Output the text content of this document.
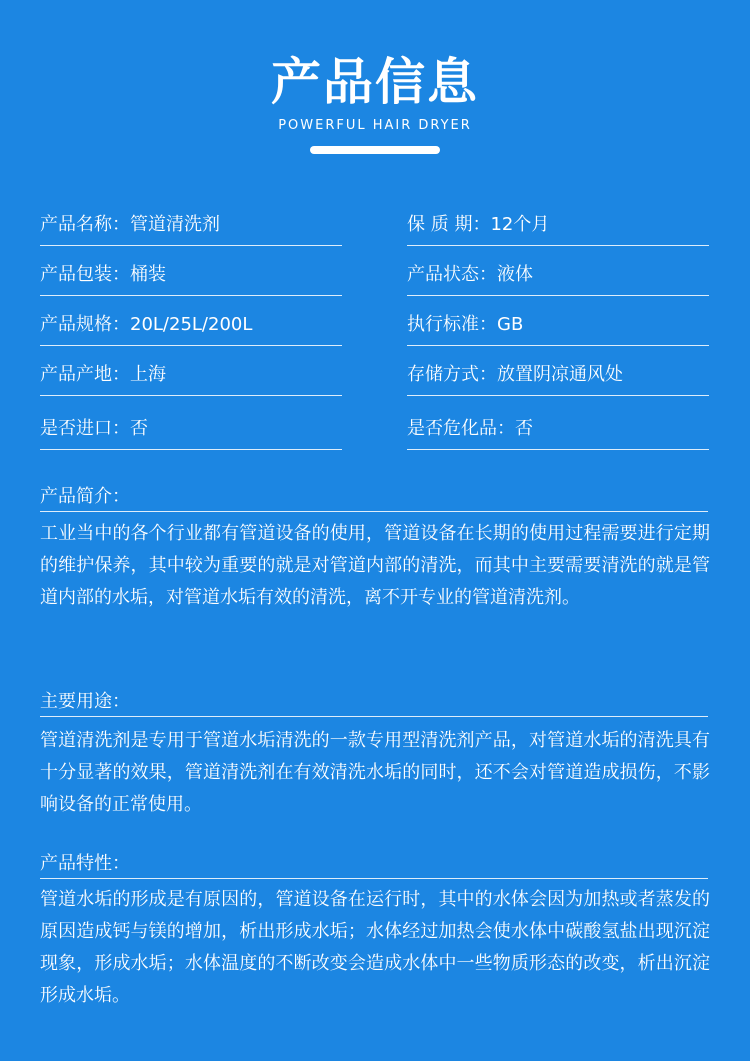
产品信息
POWERFUL HAIR DRYER
产品名称：管道清洗剂	保 质 期：12个月
产品包装：桶装	产品状态：液体
产品规格：20L/25L/200L	执行标准：GB
产品产地：上海	存储方式：放置阴凉通风处
是否进口：否	是否危化品：否
产品简介：
工业当中的各个行业都有管道设备的使用，管道设备在长期的使用过程需要进行定期的维护保养，其中较为重要的就是对管道内部的清洗，而其中主要需要清洗的就是管道内部的水垢，对管道水垢有效的清洗，离不开专业的管道清洗剂。
主要用途：
管道清洗剂是专用于管道水垢清洗的一款专用型清洗剂产品，对管道水垢的清洗具有十分显著的效果，管道清洗剂在有效清洗水垢的同时，还不会对管道造成损伤，不影响设备的正常使用。
产品特性：
管道水垢的形成是有原因的，管道设备在运行时，其中的水体会因为加热或者蒸发的原因造成钙与镁的增加，析出形成水垢；水体经过加热会使水体中碳酸氢盐出现沉淀现象，形成水垢；水体温度的不断改变会造成水体中一些物质形态的改变，析出沉淀形成水垢。
